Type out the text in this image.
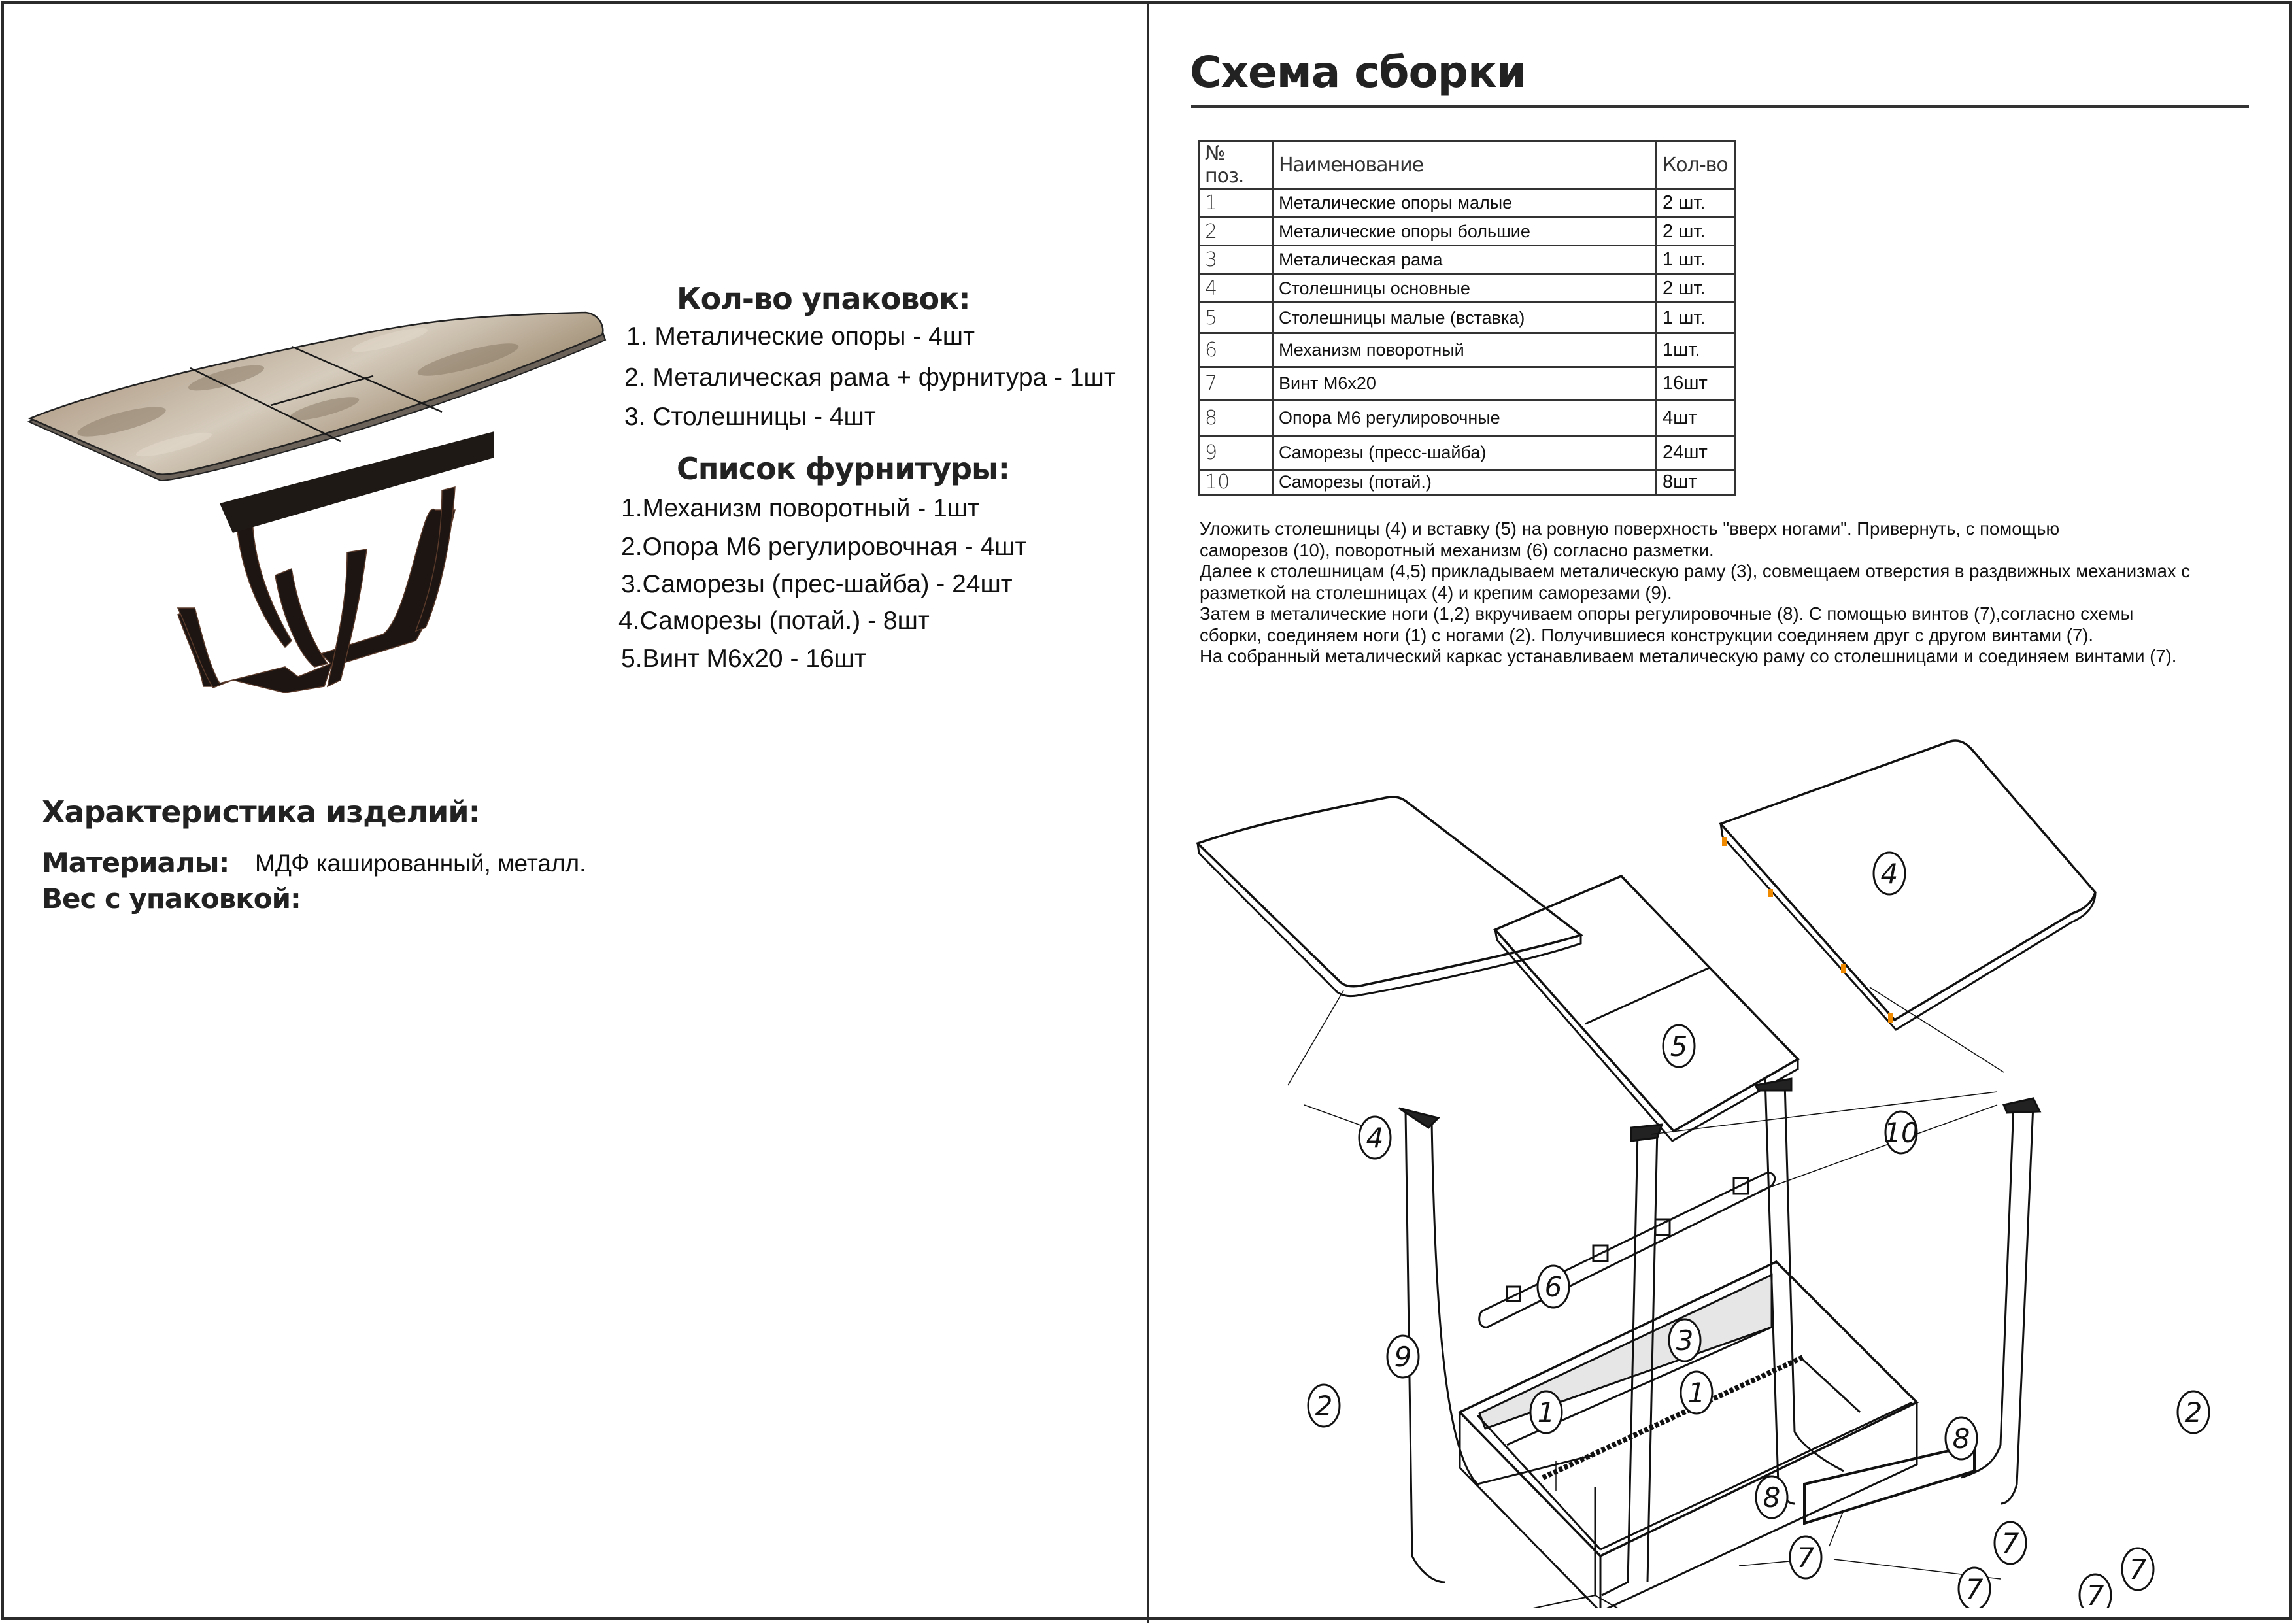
Кол-во упаковок:
1. Металические опоры - 4шт
2. Металическая рама + фурнитура - 1шт
3. Столешницы - 4шт
Список фурнитуры:
1.Механизм поворотный - 1шт
2.Опора М6 регулировочная - 4шт
3.Саморезы (прес-шайба) - 24шт
4.Саморезы (потай.) - 8шт
5.Винт М6х20 - 16шт
Характеристика изделий:
Материалы: МДФ кашированный, металл.
Вес с упаковкой:
Схема сборки
№ поз.	Наименование	Кол-во
1	Металические опоры малые	2 шт.
2	Металические опоры большие	2 шт.
3	Металическая рама	1 шт.
4	Столешницы основные	2 шт.
5	Столешницы малые (вставка)	1 шт.
6	Механизм поворотный	1шт.
7	Винт М6х20	16шт
8	Опора М6 регулировочные	4шт
9	Саморезы (пресс-шайба)	24шт
10	Саморезы (потай.)	8шт

Уложить столешницы (4) и вставку (5) на ровную поверхность "вверх ногами". Привернуть, с помощью

саморезов (10), поворотный механизм (6) согласно разметки.

Далее к столешницам (4,5) прикладываем металическую раму (3), совмещаем отверстия в раздвижных механизмах с

разметкой на столешницах (4) и крепим саморезами (9).

Затем в металические ноги (1,2) вкручиваем опоры регулировочные (8). С помощью винтов (7),согласно схемы

сборки, соединяем ноги (1) с ногами (2). Получившиеся конструкции соединяем друг с другом винтами (7).

На собранный металический каркас устанавливаем металическую раму со столешницами и соединяем винтами (7).

4
5
4
10
6
9
3
7
7
7
2	1
8
7
1	2
8
7
